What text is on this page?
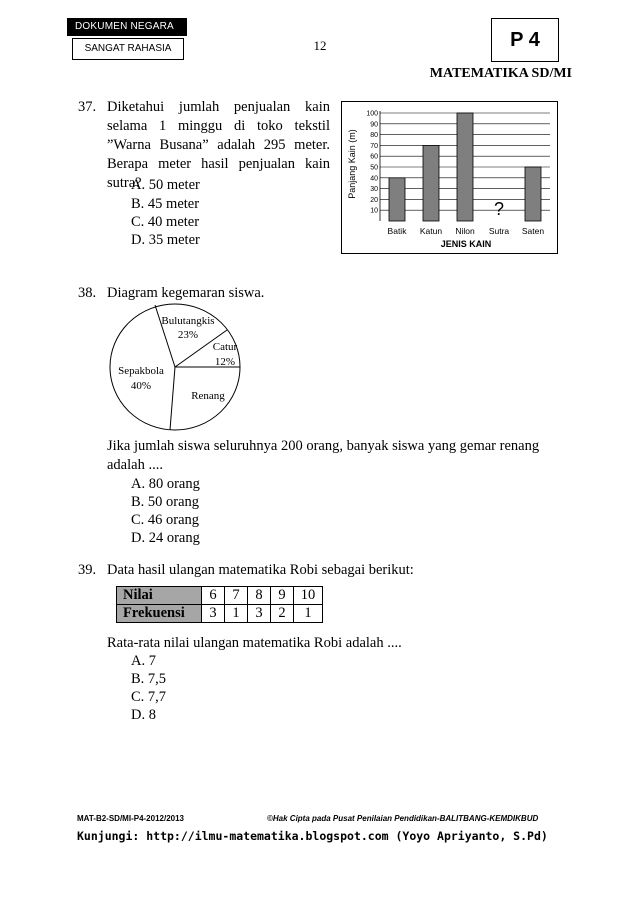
DOKUMEN NEGARA
SANGAT RAHASIA	12	P 4
MATEMATIKA SD/MI
37. Diketahui jumlah penjualan kain
selama 1 minggu di toko tekstil
”Warna Busana” adalah 295 meter.
Berapa meter hasil penjualan kain
sutra?
A. 50 meter
B. 45 meter
C. 40 meter
D. 35 meter
Panjang Kain (m)
10
20
30
40
50
60
70
80
90
100
?
Batik Katun Nilon Sutra Saten
JENIS KAIN
38. Diagram kegemaran siswa.
Bulutangkis
23%
Catur
12%
Renang
Sepakbola
40%
Jika jumlah siswa seluruhnya 200 orang, banyak siswa yang gemar renang
adalah ....
A. 80 orang
B. 50 orang
C. 46 orang
D. 24 orang
39. Data hasil ulangan matematika Robi sebagai berikut:
Nilai	6	7	8	9	10
Frekuensi	3	1	3	2	1
Rata-rata nilai ulangan matematika Robi adalah ....
A. 7
B. 7,5
C. 7,7
D. 8
MAT-B2-SD/MI-P4-2012/2013	©Hak Cipta pada Pusat Penilaian Pendidikan-BALITBANG-KEMDIKBUD
Kunjungi: http://ilmu-matematika.blogspot.com (Yoyo Apriyanto, S.Pd)
